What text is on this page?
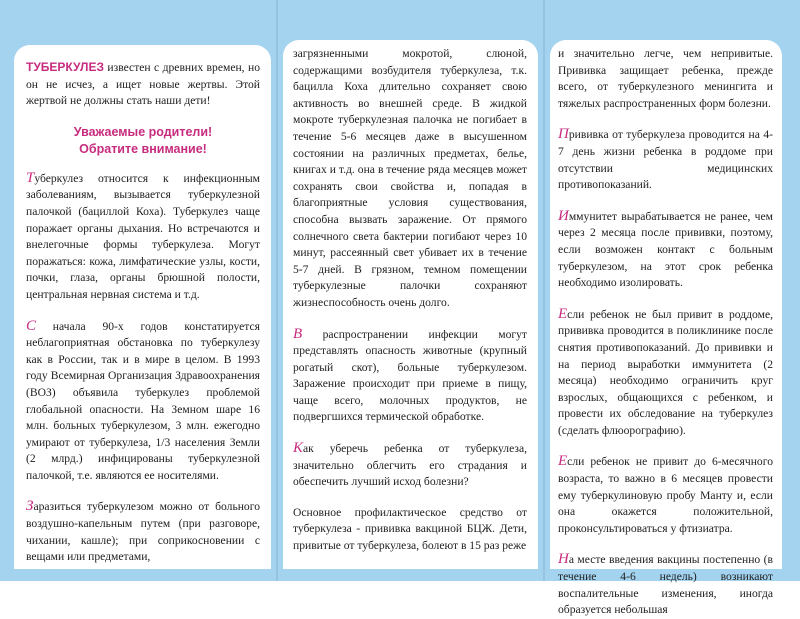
ТУБЕРКУЛЕЗ известен с древних времен, но он не исчез, а ищет новые жертвы. Этой жертвой не должны стать наши дети!

Уважаемые родители!
Обратите внимание!

Туберкулез относится к инфекционным заболеваниям, вызывается туберкулезной палочкой (бациллой Коха). Туберкулез чаще поражает органы дыхания. Но встречаются и внелегочные формы туберкулеза. Могут поражаться: кожа, лимфатические узлы, кости, почки, глаза, органы брюшной полости, центральная нервная система и т.д.

С начала 90-х годов констатируется неблагоприятная обстановка по туберкулезу как в России, так и в мире в целом. В 1993 году Всемирная Организация Здравоохранения (ВОЗ) объявила туберкулез проблемой глобальной опасности. На Земном шаре 16 млн. больных туберкулезом, 3 млн. ежегодно умирают от туберкулеза, 1/3 населения Земли (2 млрд.) инфицированы туберкулезной палочкой, т.е. являются ее носителями.

Заразиться туберкулезом можно от больного воздушно-капельным путем (при разговоре, чихании, кашле); при соприкосновении с вещами или предметами,

загрязненными мокротой, слюной, содержащими возбудителя туберкулеза, т.к. бацилла Коха длительно сохраняет свою активность во внешней среде. В жидкой мокроте туберкулезная палочка не погибает в течение 5-6 месяцев даже в высушенном состоянии на различных предметах, белье, книгах и т.д. она в течение ряда месяцев может сохранять свои свойства и, попадая в благоприятные условия существования, способна вызвать заражение. От прямого солнечного света бактерии погибают через 10 минут, рассеянный свет убивает их в течение 5-7 дней. В грязном, темном помещении туберкулезные палочки сохраняют жизнеспособность очень долго.

В распространении инфекции могут представлять опасность животные (крупный рогатый скот), больные туберкулезом. Заражение происходит при приеме в пищу, чаще всего, молочных продуктов, не подвергшихся термической обработке.

Как уберечь ребенка от туберкулеза, значительно облегчить его страдания и обеспечить лучший исход болезни?

Основное профилактическое средство от туберкулеза - прививка вакциной БЦЖ. Дети, привитые от туберкулеза, болеют в 15 раз реже

и значительно легче, чем непривитые. Прививка защищает ребенка, прежде всего, от туберкулезного менингита и тяжелых распространенных форм болезни.

Прививка от туберкулеза проводится на 4-7 день жизни ребенка в роддоме при отсутствии медицинских противопоказаний.

Иммунитет вырабатывается не ранее, чем через 2 месяца после прививки, поэтому, если возможен контакт с больным туберкулезом, на этот срок ребенка необходимо изолировать.

Если ребенок не был привит в роддоме, прививка проводится в поликлинике после снятия противопоказаний. До прививки и на период выработки иммунитета (2 месяца) необходимо ограничить круг взрослых, общающихся с ребенком, и провести их обследование на туберкулез (сделать флюорографию).

Если ребенок не привит до 6-месячного возраста, то важно в 6 месяцев провести ему туберкулиновую пробу Манту и, если она окажется положительной, проконсультироваться у фтизиатра.

На месте введения вакцины постепенно (в течение 4-6 недель) возникают воспалительные изменения, иногда образуется небольшая
